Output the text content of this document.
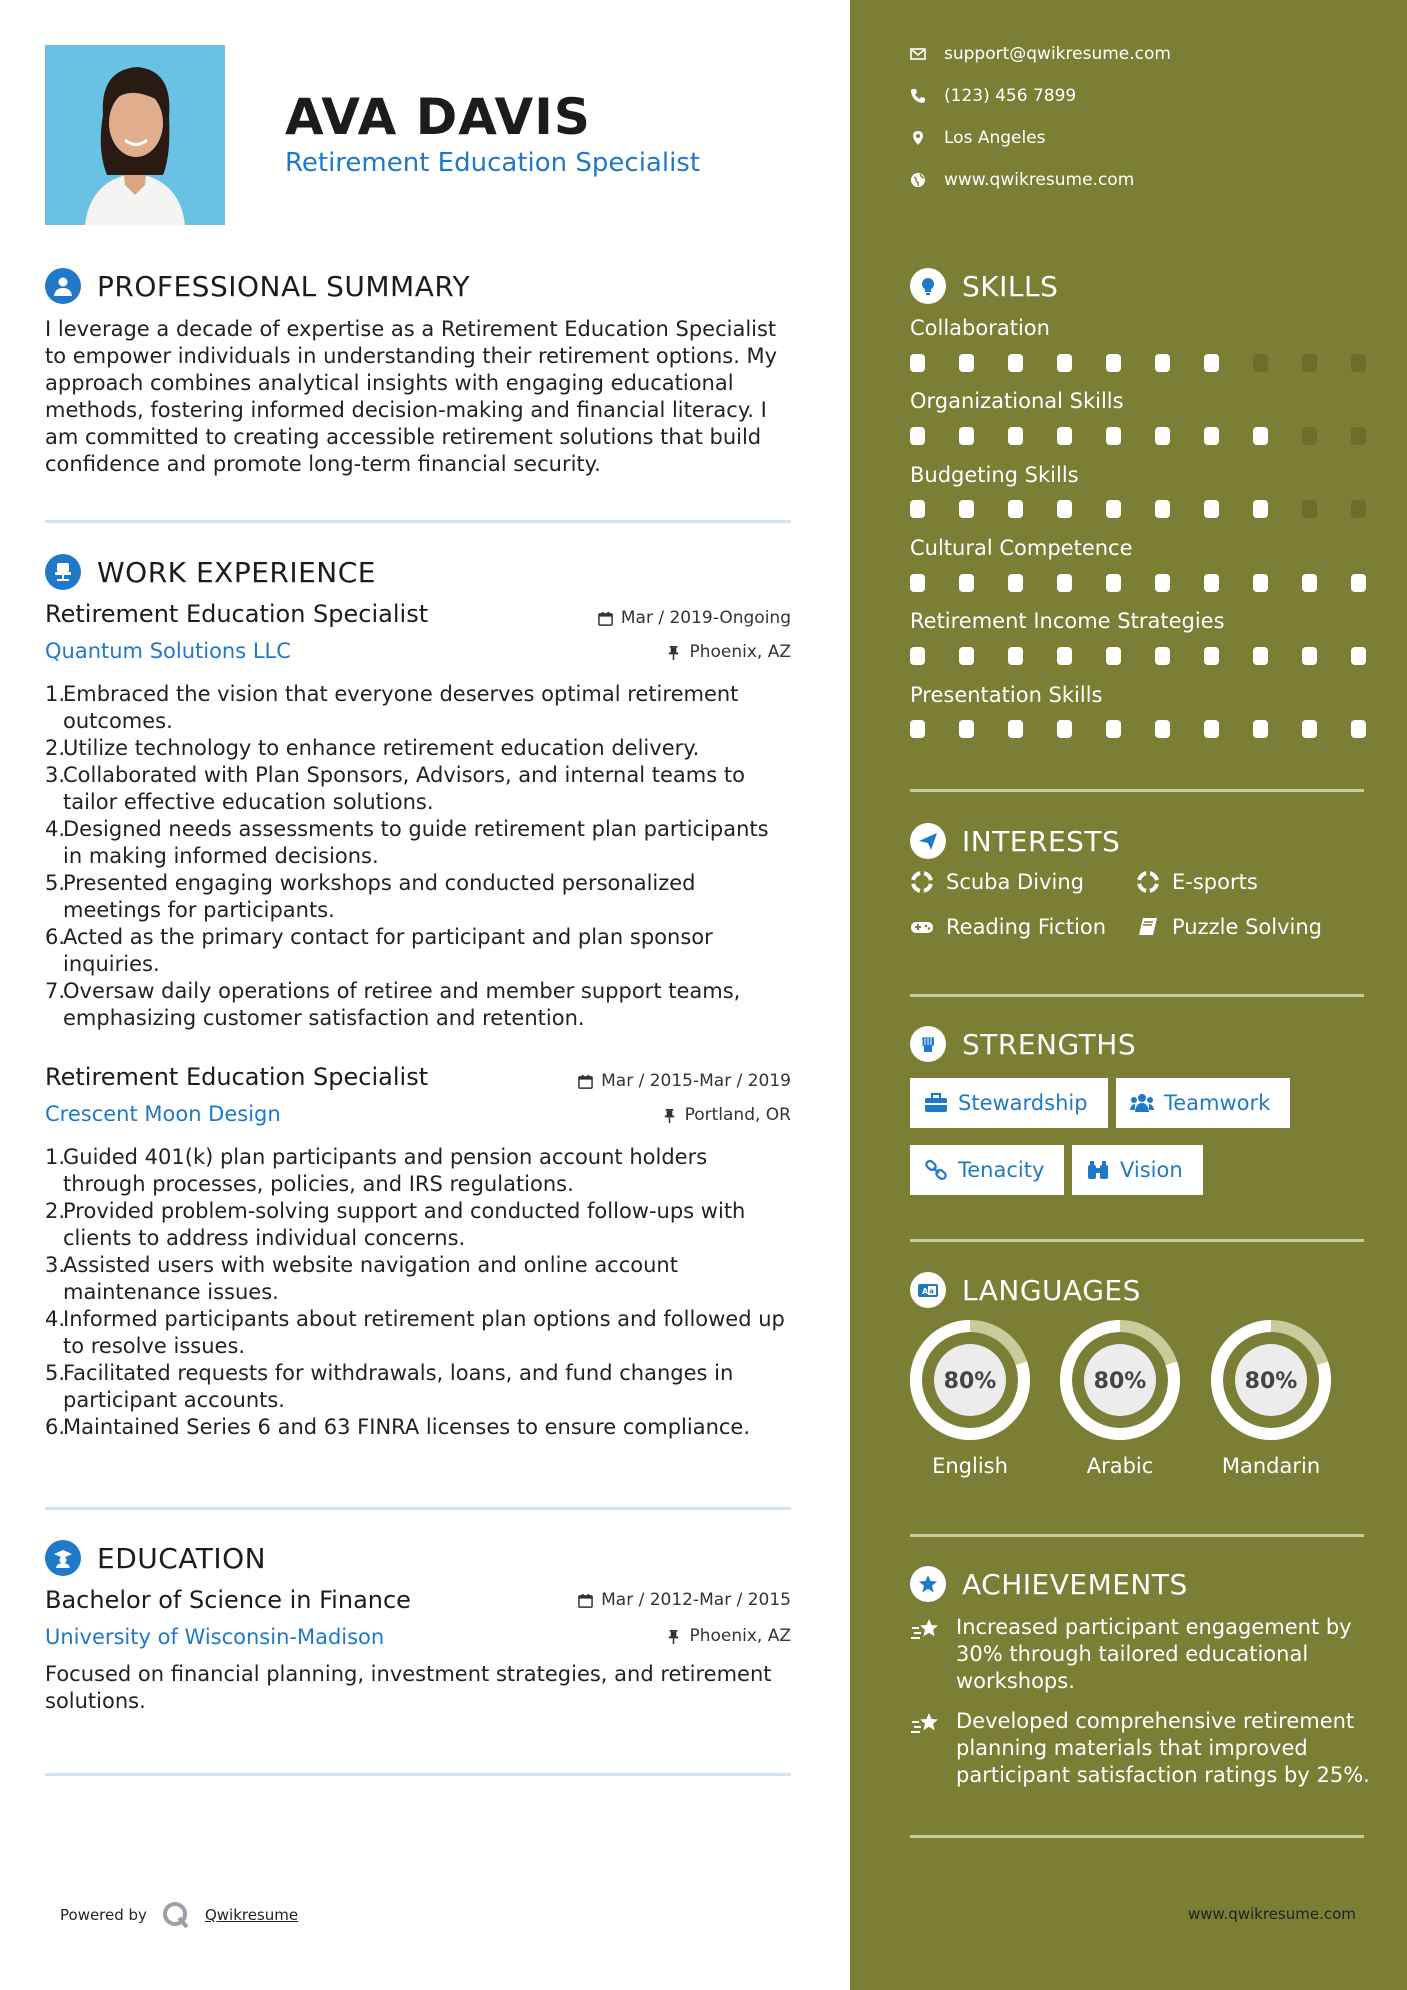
AVA DAVIS
Retirement Education Specialist
PROFESSIONAL SUMMARY
I leverage a decade of expertise as a Retirement Education Specialist to empower individuals in understanding their retirement options. My approach combines analytical insights with engaging educational methods, fostering informed decision-making and financial literacy. I am committed to creating accessible retirement solutions that build confidence and promote long-term financial security.
WORK EXPERIENCE
Retirement Education Specialist	Mar / 2019-Ongoing
Quantum Solutions LLC	Phoenix, AZ
1.
Embraced the vision that everyone deserves optimal retirement outcomes.
2.
Utilize technology to enhance retirement education delivery.
3.
Collaborated with Plan Sponsors, Advisors, and internal teams to tailor effective education solutions.
4.
Designed needs assessments to guide retirement plan participants in making informed decisions.
5.
Presented engaging workshops and conducted personalized meetings for participants.
6.
Acted as the primary contact for participant and plan sponsor inquiries.
7.
Oversaw daily operations of retiree and member support teams, emphasizing customer satisfaction and retention.
Retirement Education Specialist	Mar / 2015-Mar / 2019
Crescent Moon Design	Portland, OR
1.
Guided 401(k) plan participants and pension account holders through processes, policies, and IRS regulations.
2.
Provided problem-solving support and conducted follow-ups with clients to address individual concerns.
3.
Assisted users with website navigation and online account maintenance issues.
4.
Informed participants about retirement plan options and followed up to resolve issues.
5.
Facilitated requests for withdrawals, loans, and fund changes in participant accounts.
6.
Maintained Series 6 and 63 FINRA licenses to ensure compliance.
EDUCATION
Bachelor of Science in Finance	Mar / 2012-Mar / 2015
University of Wisconsin-Madison	Phoenix, AZ
Focused on financial planning, investment strategies, and retirement solutions.
Powered by	Qwikresume
support@qwikresume.com
(123) 456 7899
Los Angeles
www.qwikresume.com
SKILLS
Collaboration
Organizational Skills
Budgeting Skills
Cultural Competence
Retirement Income Strategies
Presentation Skills
INTERESTS
Scuba Diving	E-sports
Reading Fiction	Puzzle Solving
STRENGTHS
Stewardship	Teamwork
Tenacity	Vision
A a LANGUAGES
80%
English
80%
Arabic
80%
Mandarin
ACHIEVEMENTS
Increased participant engagement by 30% through tailored educational workshops.
Developed comprehensive retirement planning materials that improved participant satisfaction ratings by 25%.
www.qwikresume.com
